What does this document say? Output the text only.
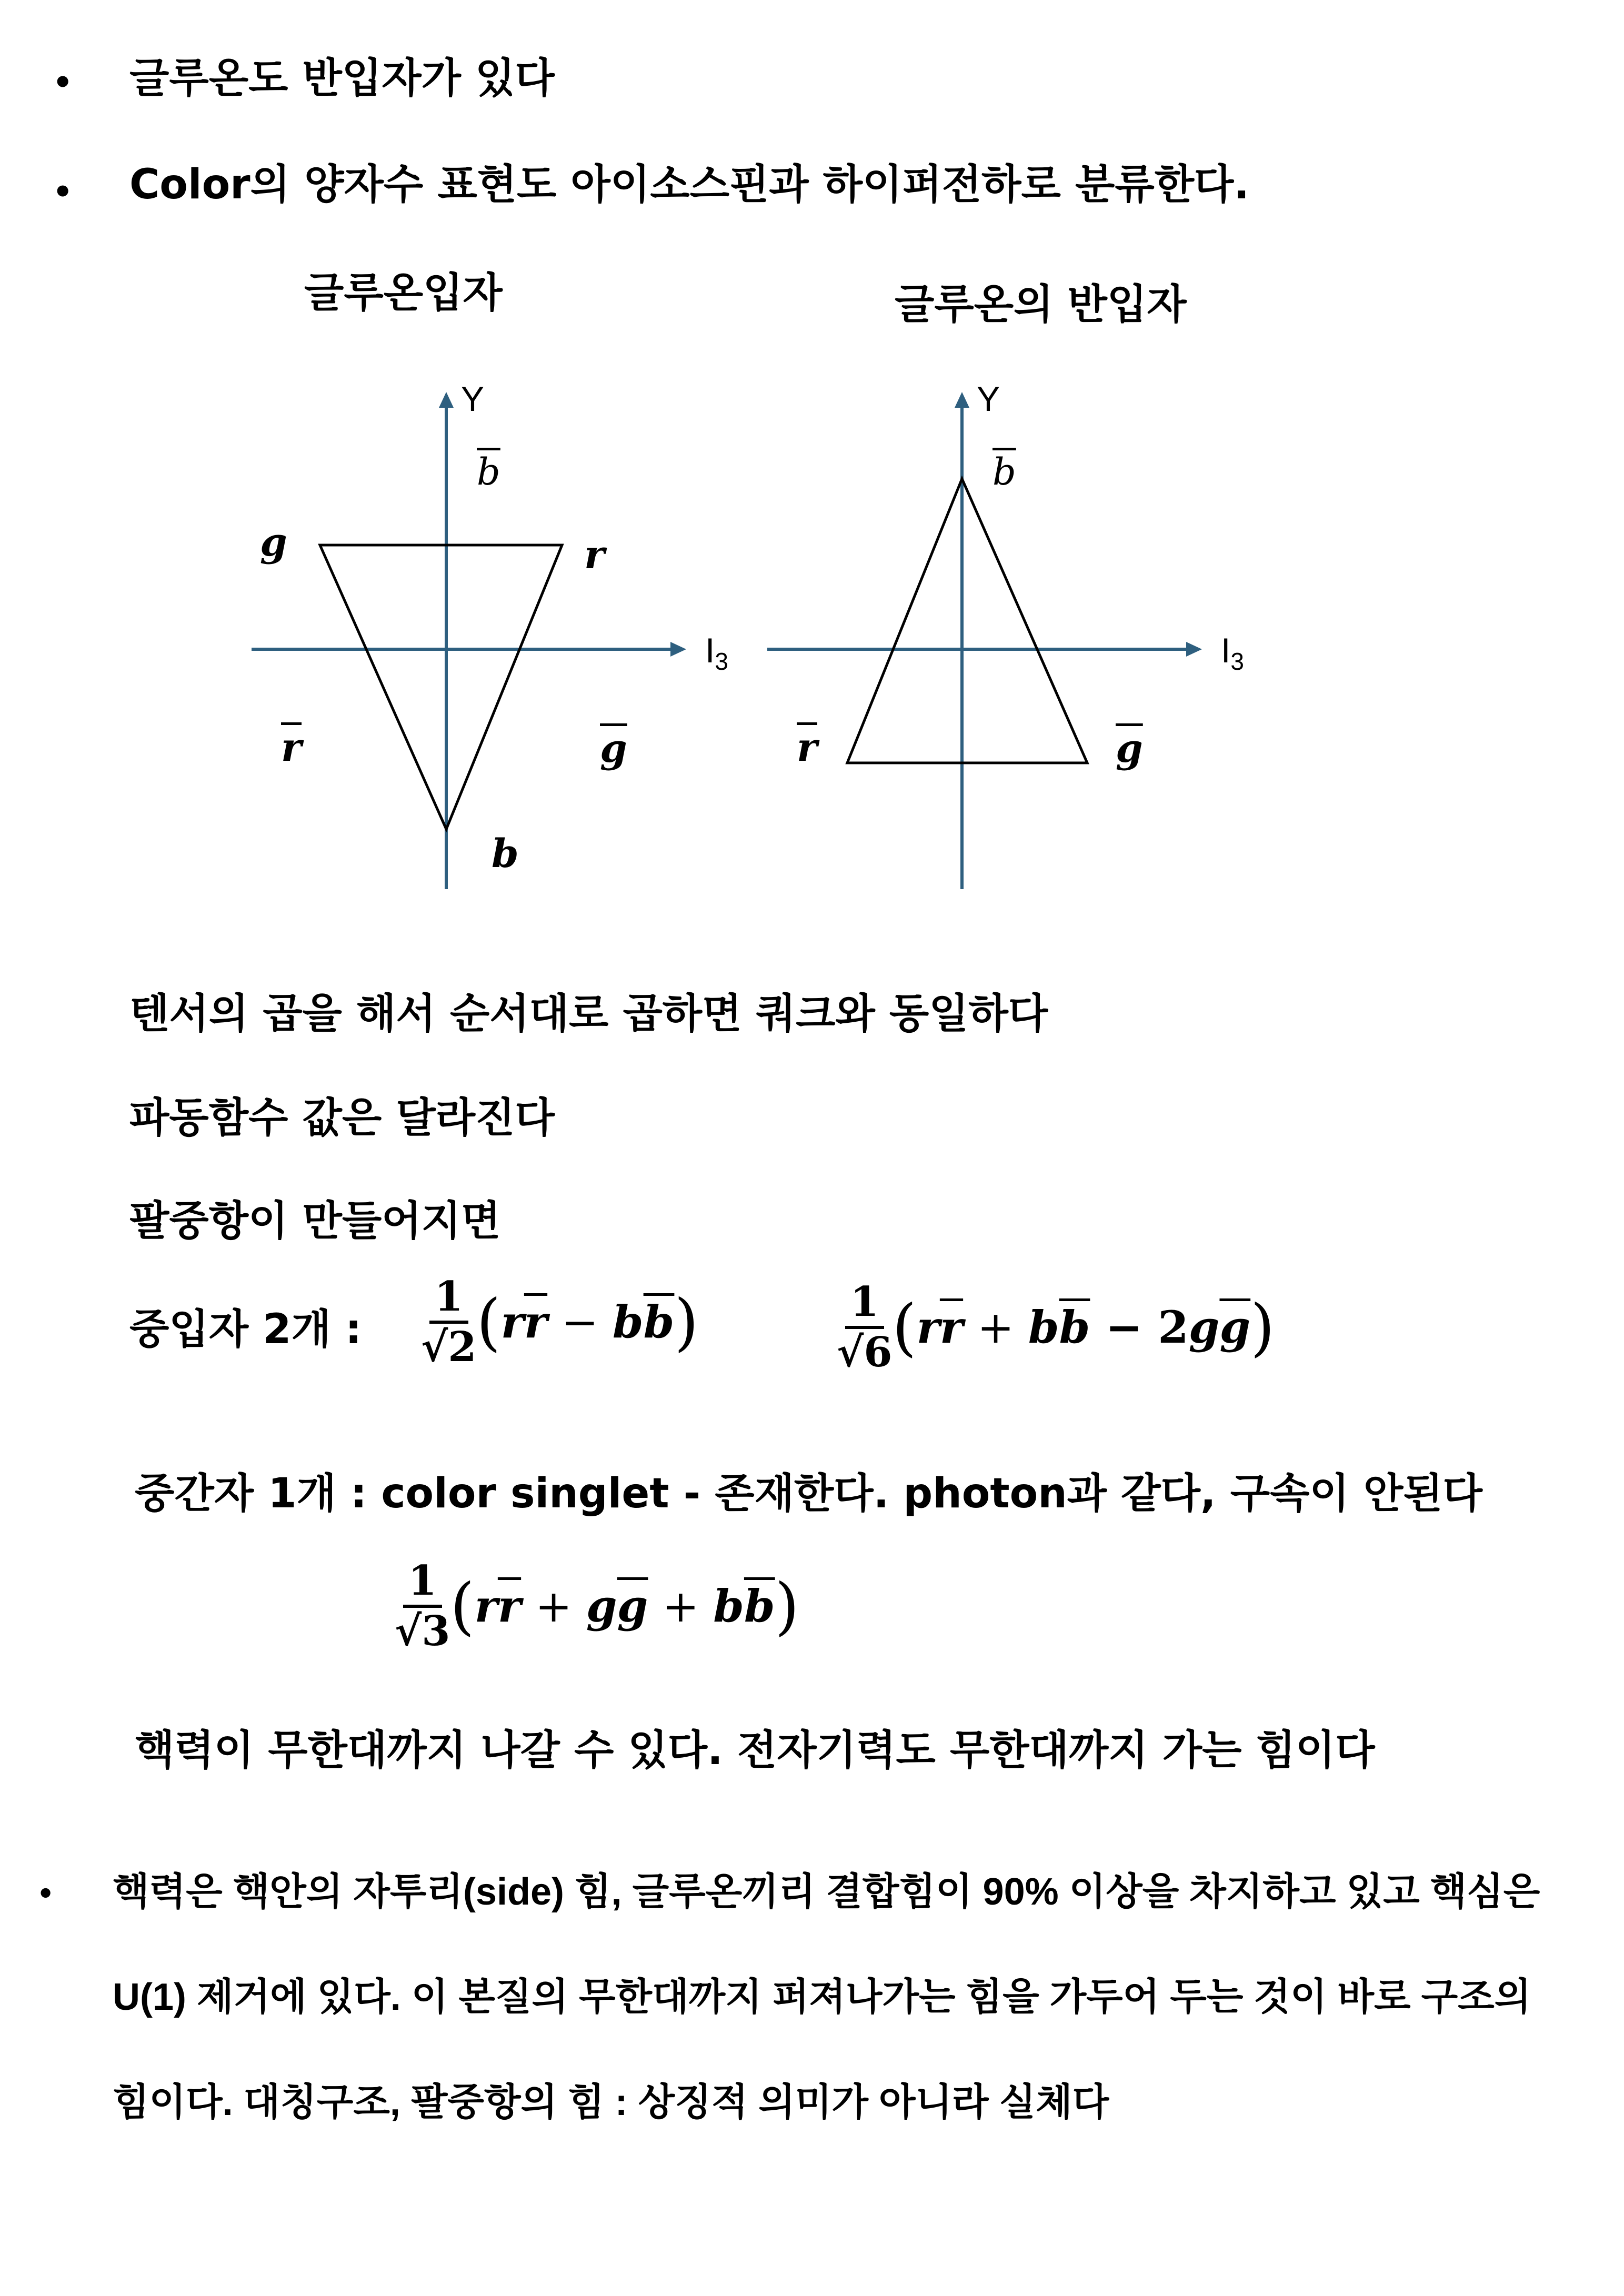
• 글루온도 반입자가 있다
• Color의 양자수 표현도 아이소스핀과 하이퍼전하로 분류한다.
글루온입자	글루온의 반입자
Y
$I_3$
Y
$I_3$
$\overline{b}$
g	r
$\overline{r}$	$\overline{g}$
b
$\overline{b}$
$\overline{r}$	$\overline{g}$
텐서의 곱을 해서 순서대로 곱하면 쿼크와 동일하다
파동함수 값은 달라진다
팔중항이 만들어지면
중입자 2개 : $\frac{1}{√2} (r\overline{r} - b\overline{b})$	$\frac{1}{√6} (r\overline{r} + b\overline{b} - 2g\overline{g})$
중간자 1개 : color singlet - 존재한다. photon과 같다, 구속이 안된다
$\frac{1}{√3} (r\overline{r} + g\overline{g} + b\overline{b})$
핵력이 무한대까지 나갈 수 있다. 전자기력도 무한대까지 가는 힘이다
• 핵력은 핵안의 자투리(side) 힘, 글루온끼리 결합힘이 90% 이상을 차지하고 있고 핵심은
U(1) 제거에 있다. 이 본질의 무한대까지 퍼져나가는 힘을 가두어 두는 것이 바로 구조의
힘이다. 대칭구조, 팔중항의 힘 : 상징적 의미가 아니라 실체다
